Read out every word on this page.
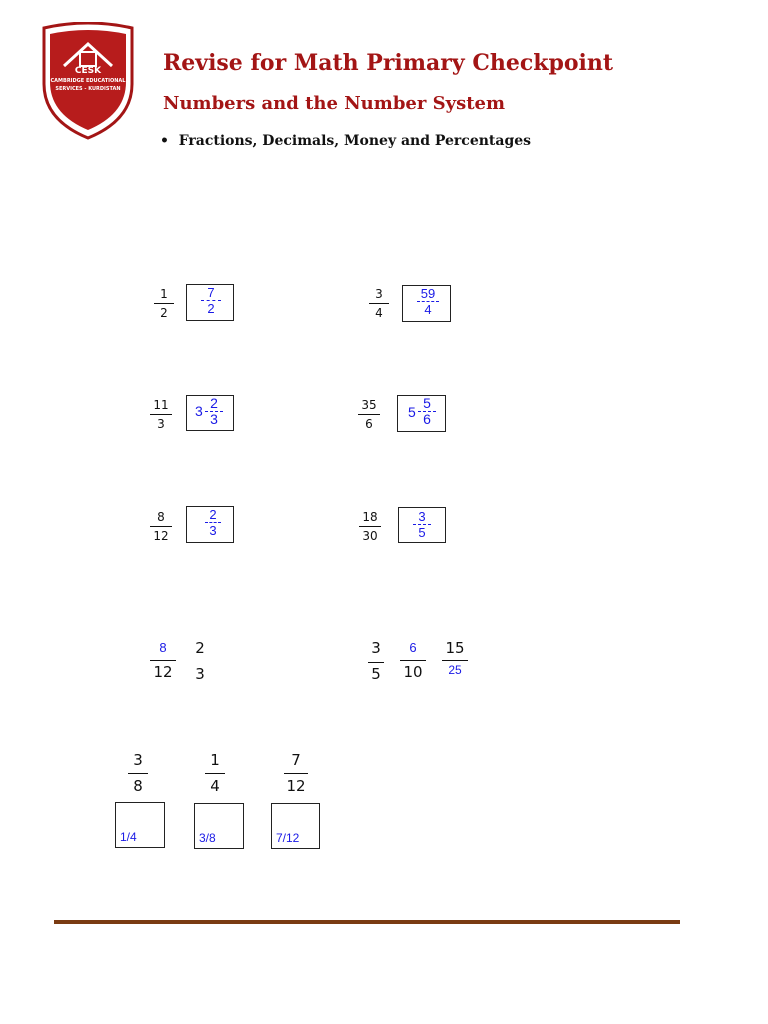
CESK
CAMBRIDGE EDUCATIONAL
SERVICES - KURDISTAN
Revise for Math Primary Checkpoint
Numbers and the Number System
•  Fractions, Decimals, Money and Percentages
1
2
7
2
3
4
59
4
11
3
3 2
3
35
6
5
5
6
8
12
2
3
18
30
3
5
8
12
2
3
3
5
6
10
15
25
3
8
1
4
7
12
1/4	3/8	7/12
